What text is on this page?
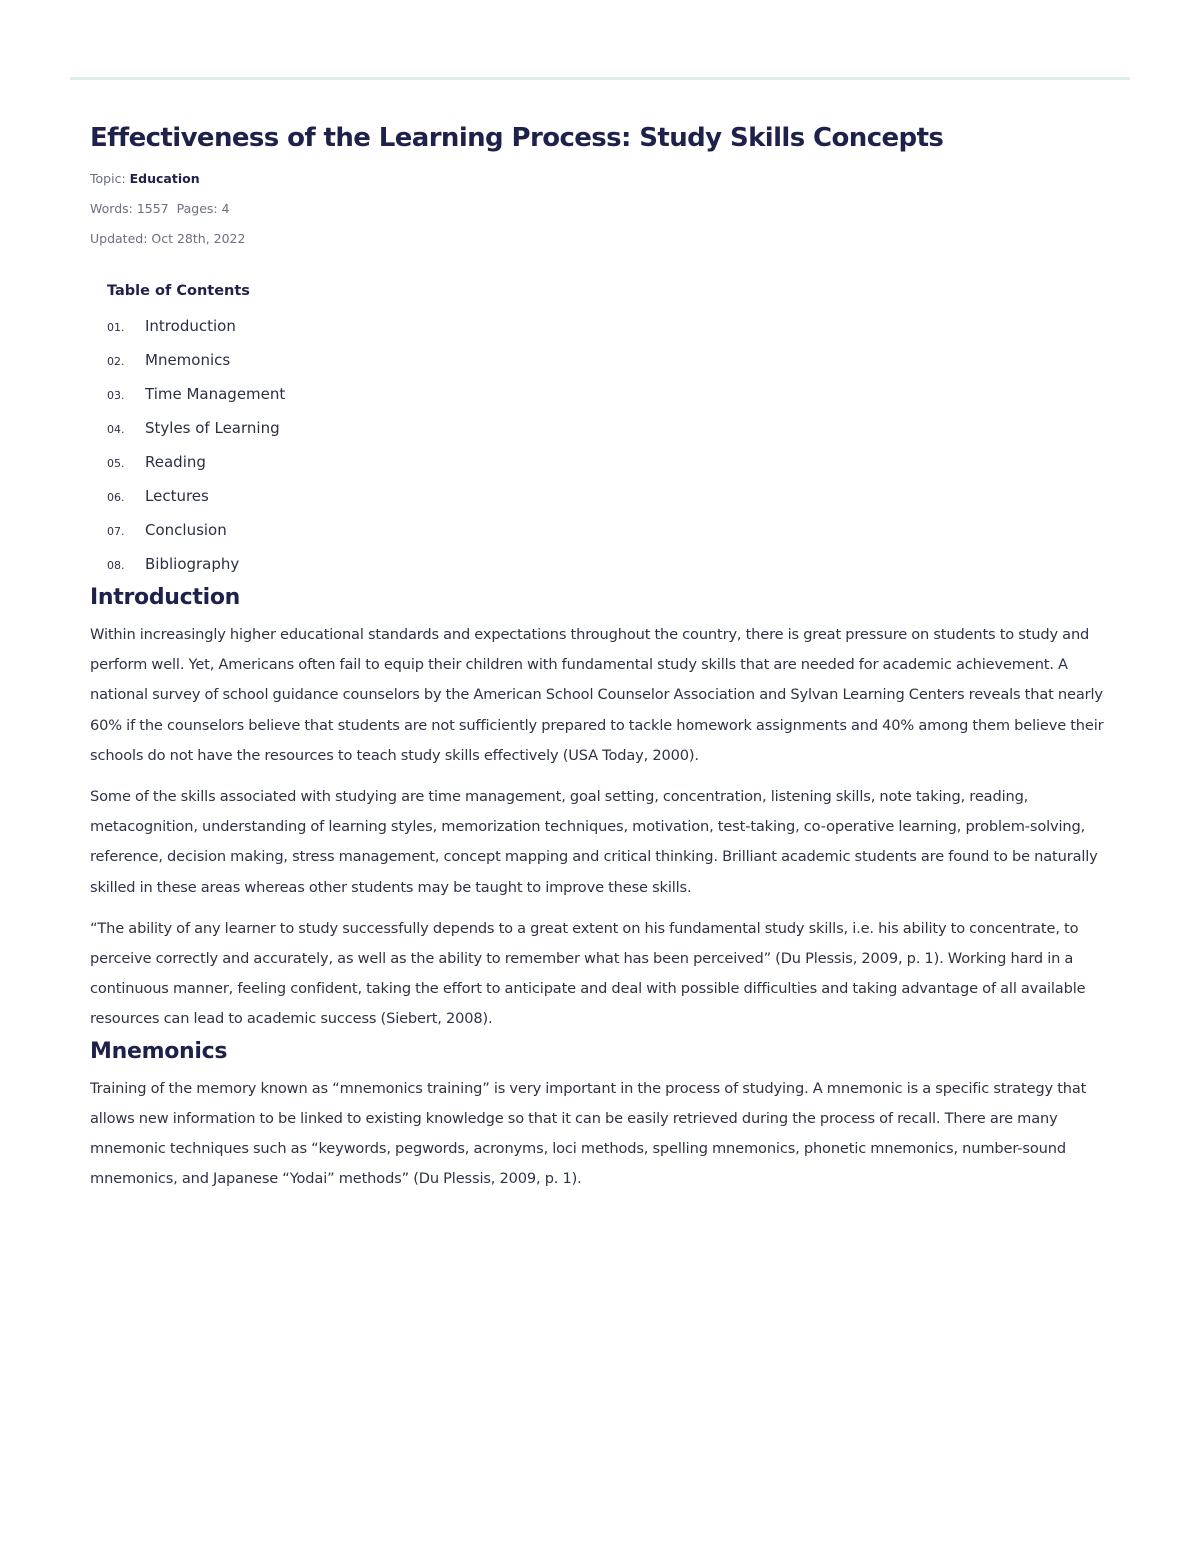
Effectiveness of the Learning Process: Study Skills Concepts
Topic: Education
Words: 1557 Pages: 4
Updated: Oct 28th, 2022
Table of Contents
01.	Introduction
02.	Mnemonics
03.	Time Management
04.	Styles of Learning
05.	Reading
06.	Lectures
07.	Conclusion
08.	Bibliography
Introduction

Within increasingly higher educational standards and expectations throughout the country, there is great pressure on students to study and perform well. Yet, Americans often fail to equip their children with fundamental study skills that are needed for academic achievement. A national survey of school guidance counselors by the American School Counselor Association and Sylvan Learning Centers reveals that nearly 60% if the counselors believe that students are not sufficiently prepared to tackle homework assignments and 40% among them believe their schools do not have the resources to teach study skills effectively (USA Today, 2000).

Some of the skills associated with studying are time management, goal setting, concentration, listening skills, note taking, reading, metacognition, understanding of learning styles, memorization techniques, motivation, test-taking, co-operative learning, problem-solving, reference, decision making, stress management, concept mapping and critical thinking. Brilliant academic students are found to be naturally skilled in these areas whereas other students may be taught to improve these skills.

“The ability of any learner to study successfully depends to a great extent on his fundamental study skills, i.e. his ability to concentrate, to perceive correctly and accurately, as well as the ability to remember what has been perceived” (Du Plessis, 2009, p. 1). Working hard in a continuous manner, feeling confident, taking the effort to anticipate and deal with possible difficulties and taking advantage of all available resources can lead to academic success (Siebert, 2008).

Mnemonics

Training of the memory known as “mnemonics training” is very important in the process of studying. A mnemonic is a specific strategy that allows new information to be linked to existing knowledge so that it can be easily retrieved during the process of recall. There are many mnemonic techniques such as “keywords, pegwords, acronyms, loci methods, spelling mnemonics, phonetic mnemonics, number-sound mnemonics, and Japanese “Yodai” methods” (Du Plessis, 2009, p. 1).
